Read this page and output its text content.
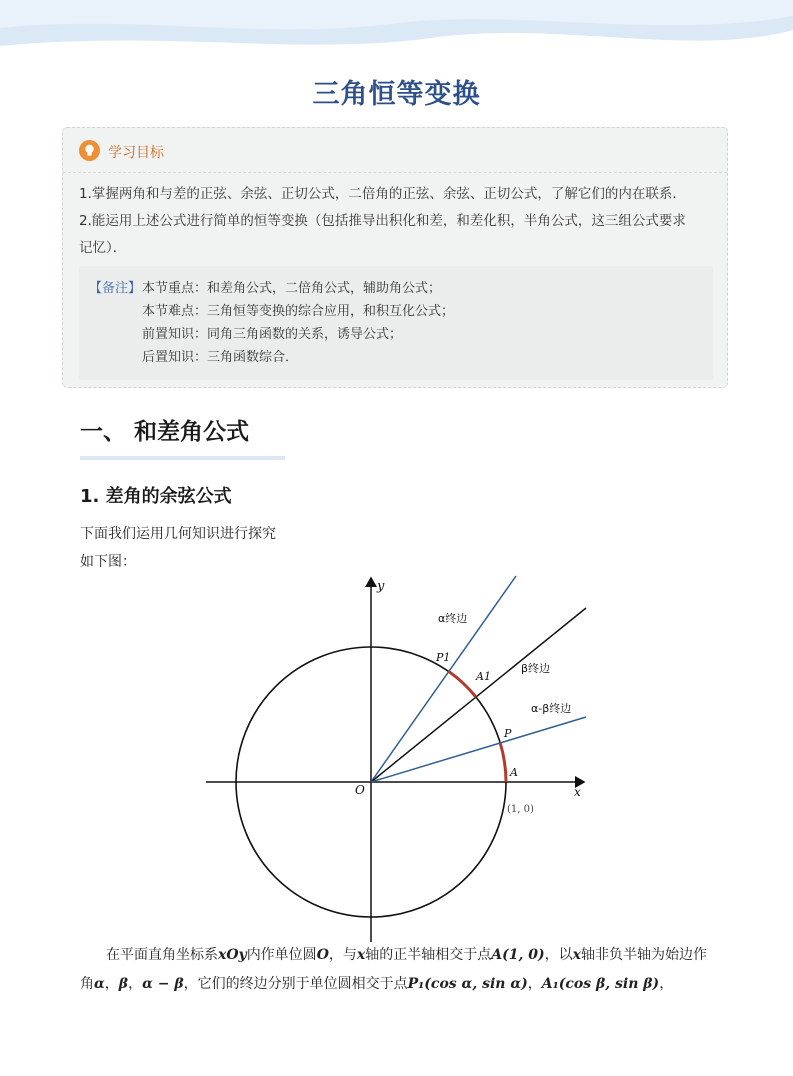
三角恒等变换
学习目标
1.掌握两角和与差的正弦、余弦、正切公式，二倍角的正弦、余弦、正切公式，了解它们的内在联系．
2.能运用上述公式进行简单的恒等变换（包括推导出积化和差，和差化积，半角公式，这三组公式要求
记忆）．
【备注】 本节重点：和差角公式，二倍角公式，辅助角公式；
本节难点：三角恒等变换的综合应用，和积互化公式；
前置知识：同角三角函数的关系，诱导公式；
后置知识：三角函数综合．
一、 和差角公式
1. 差角的余弦公式
下面我们运用几何知识进行探究
如下图：
y
x
O
(1, 0)
α终边
β终边
α-β终边
P1
A1
P
A
在平面直角坐标系xOy内作单位圆O，与x轴的正半轴相交于点A(1, 0)，以x轴非负半轴为始边作
角α，β，α − β，它们的终边分别于单位圆相交于点P₁(cos α, sin α)，A₁(cos β, sin β)，
